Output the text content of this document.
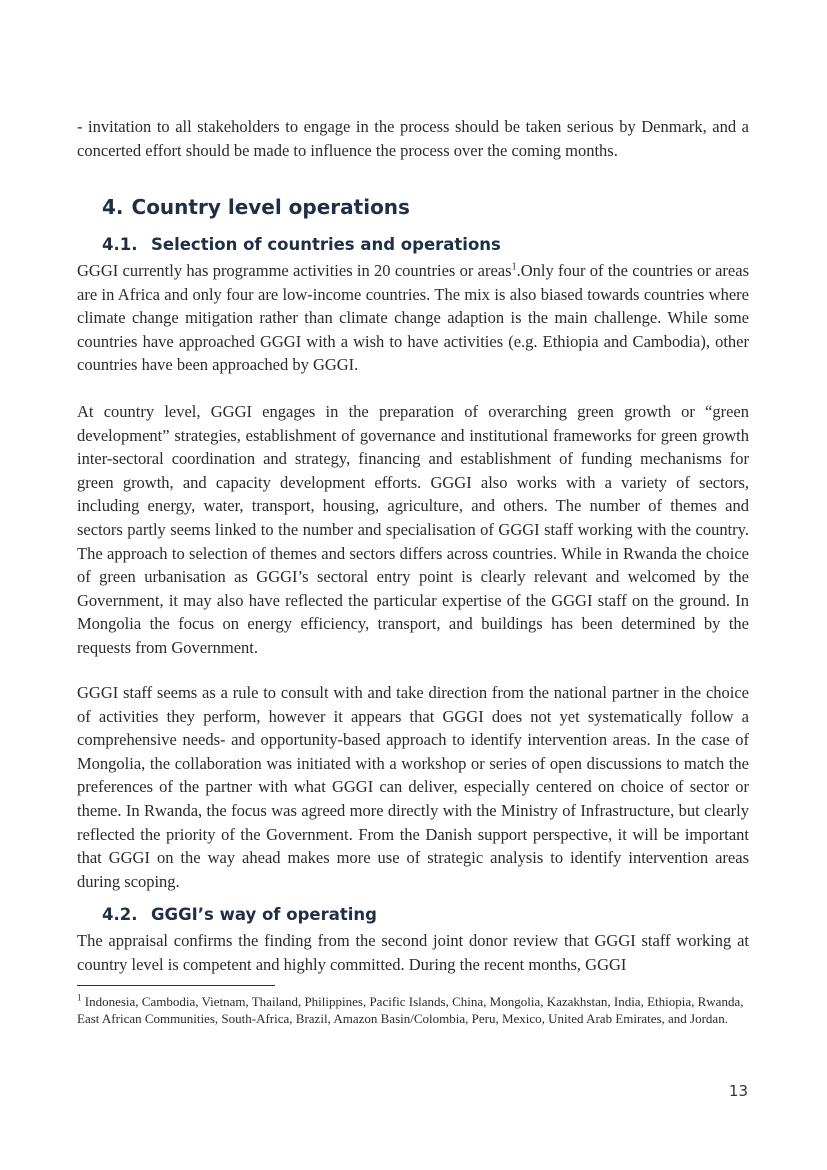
- invitation to all stakeholders to engage in the process should be taken serious by Denmark, and a concerted effort should be made to influence the process over the coming months.
4. Country level operations
4.1. Selection of countries and operations
GGGI currently has programme activities in 20 countries or areas$^1$.Only four of the countries or areas are in Africa and only four are low-income countries. The mix is also biased towards countries where climate change mitigation rather than climate change adaption is the main challenge. While some countries have approached GGGI with a wish to have activities (e.g. Ethiopia and Cambodia), other countries have been approached by GGGI.
At country level, GGGI engages in the preparation of overarching green growth or “green development” strategies, establishment of governance and institutional frameworks for green growth inter-sectoral coordination and strategy, financing and establishment of funding mechanisms for green growth, and capacity development efforts. GGGI also works with a variety of sectors, including energy, water, transport, housing, agriculture, and others. The number of themes and sectors partly seems linked to the number and specialisation of GGGI staff working with the country. The approach to selection of themes and sectors differs across countries. While in Rwanda the choice of green urbanisation as GGGI’s sectoral entry point is clearly relevant and welcomed by the Government, it may also have reflected the particular expertise of the GGGI staff on the ground. In Mongolia the focus on energy efficiency, transport, and buildings has been determined by the requests from Government.
GGGI staff seems as a rule to consult with and take direction from the national partner in the choice of activities they perform, however it appears that GGGI does not yet systematically follow a comprehensive needs- and opportunity-based approach to identify intervention areas. In the case of Mongolia, the collaboration was initiated with a workshop or series of open discussions to match the preferences of the partner with what GGGI can deliver, especially centered on choice of sector or theme. In Rwanda, the focus was agreed more directly with the Ministry of Infrastructure, but clearly reflected the priority of the Government. From the Danish support perspective, it will be important that GGGI on the way ahead makes more use of strategic analysis to identify intervention areas during scoping.
4.2. GGGI’s way of operating
The appraisal confirms the finding from the second joint donor review that GGGI staff working at country level is competent and highly committed. During the recent months, GGGI
$^1$ Indonesia, Cambodia, Vietnam, Thailand, Philippines, Pacific Islands, China, Mongolia, Kazakhstan, India, Ethiopia, Rwanda, East African Communities, South-Africa, Brazil, Amazon Basin/Colombia, Peru, Mexico, United Arab Emirates, and Jordan.
13
